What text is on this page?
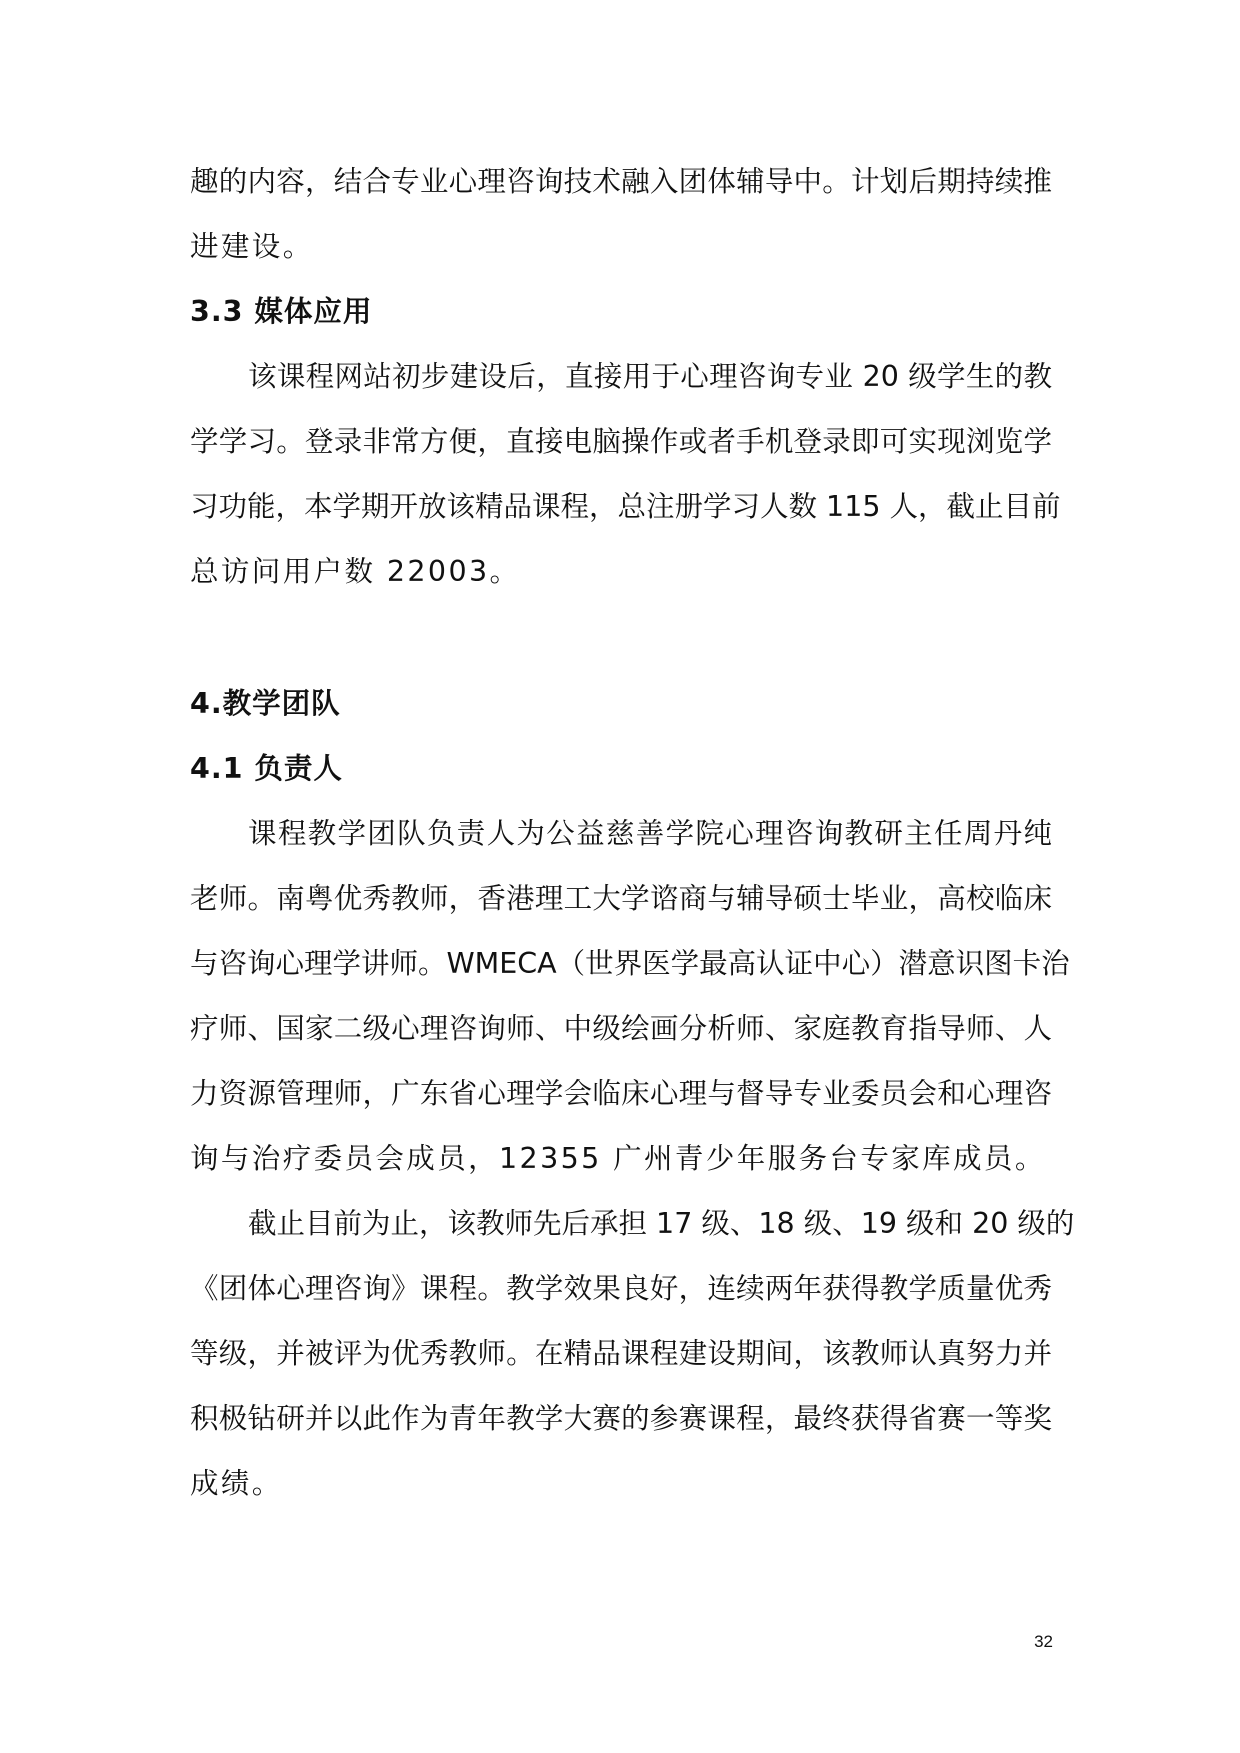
趣的内容，结合专业心理咨询技术融入团体辅导中。计划后期持续推
进建设。
3.3 媒体应用
该课程网站初步建设后，直接用于心理咨询专业 20 级学生的教
学学习。登录非常方便，直接电脑操作或者手机登录即可实现浏览学
习功能，本学期开放该精品课程，总注册学习人数 115 人，截止目前
总访问用户数 22003。
4.教学团队
4.1 负责人
课程教学团队负责人为公益慈善学院心理咨询教研主任周丹纯
老师。南粤优秀教师，香港理工大学谘商与辅导硕士毕业，高校临床
与咨询心理学讲师。WMECA（世界医学最高认证中心）潜意识图卡治
疗师、国家二级心理咨询师、中级绘画分析师、家庭教育指导师、人
力资源管理师，广东省心理学会临床心理与督导专业委员会和心理咨
询与治疗委员会成员，12355 广州青少年服务台专家库成员。
截止目前为止，该教师先后承担 17 级、18 级、19 级和 20 级的
《团体心理咨询》课程。教学效果良好，连续两年获得教学质量优秀
等级，并被评为优秀教师。在精品课程建设期间，该教师认真努力并
积极钻研并以此作为青年教学大赛的参赛课程，最终获得省赛一等奖
成绩。
32
